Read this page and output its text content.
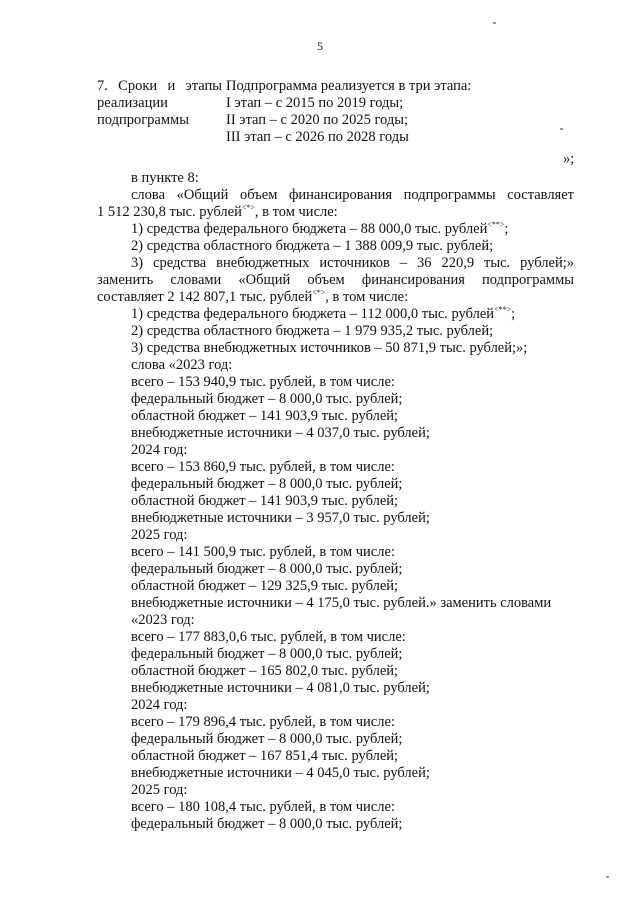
5
7. Сроки и этапы
реализации
подпрограммы
Подпрограмма реализуется в три этапа:
I этап – с 2015 по 2019 годы;
II этап – с 2020 по 2025 годы;
III этап – с 2026 по 2028 годы
»;
в пункте 8:
слова «Общий объем финансирования подпрограммы составляет
1 512 230,8 тыс. рублей<*>, в том числе:
1) средства федерального бюджета – 88 000,0 тыс. рублей<**>;
2) средства областного бюджета – 1 388 009,9 тыс. рублей;
3) средства внебюджетных источников – 36 220,9 тыс. рублей;»
заменить словами «Общий объем финансирования подпрограммы
составляет 2 142 807,1 тыс. рублей<*>, в том числе:
1) средства федерального бюджета – 112 000,0 тыс. рублей<**>;
2) средства областного бюджета – 1 979 935,2 тыс. рублей;
3) средства внебюджетных источников – 50 871,9 тыс. рублей;»;
слова «2023 год:
всего – 153 940,9 тыс. рублей, в том числе:
федеральный бюджет – 8 000,0 тыс. рублей;
областной бюджет – 141 903,9 тыс. рублей;
внебюджетные источники – 4 037,0 тыс. рублей;
2024 год:
всего – 153 860,9 тыс. рублей, в том числе:
федеральный бюджет – 8 000,0 тыс. рублей;
областной бюджет – 141 903,9 тыс. рублей;
внебюджетные источники – 3 957,0 тыс. рублей;
2025 год:
всего – 141 500,9 тыс. рублей, в том числе:
федеральный бюджет – 8 000,0 тыс. рублей;
областной бюджет – 129 325,9 тыс. рублей;
внебюджетные источники – 4 175,0 тыс. рублей.» заменить словами
«2023 год:
всего – 177 883,0,6 тыс. рублей, в том числе:
федеральный бюджет – 8 000,0 тыс. рублей;
областной бюджет – 165 802,0 тыс. рублей;
внебюджетные источники – 4 081,0 тыс. рублей;
2024 год:
всего – 179 896,4 тыс. рублей, в том числе:
федеральный бюджет – 8 000,0 тыс. рублей;
областной бюджет – 167 851,4 тыс. рублей;
внебюджетные источники – 4 045,0 тыс. рублей;
2025 год:
всего – 180 108,4 тыс. рублей, в том числе:
федеральный бюджет – 8 000,0 тыс. рублей;
